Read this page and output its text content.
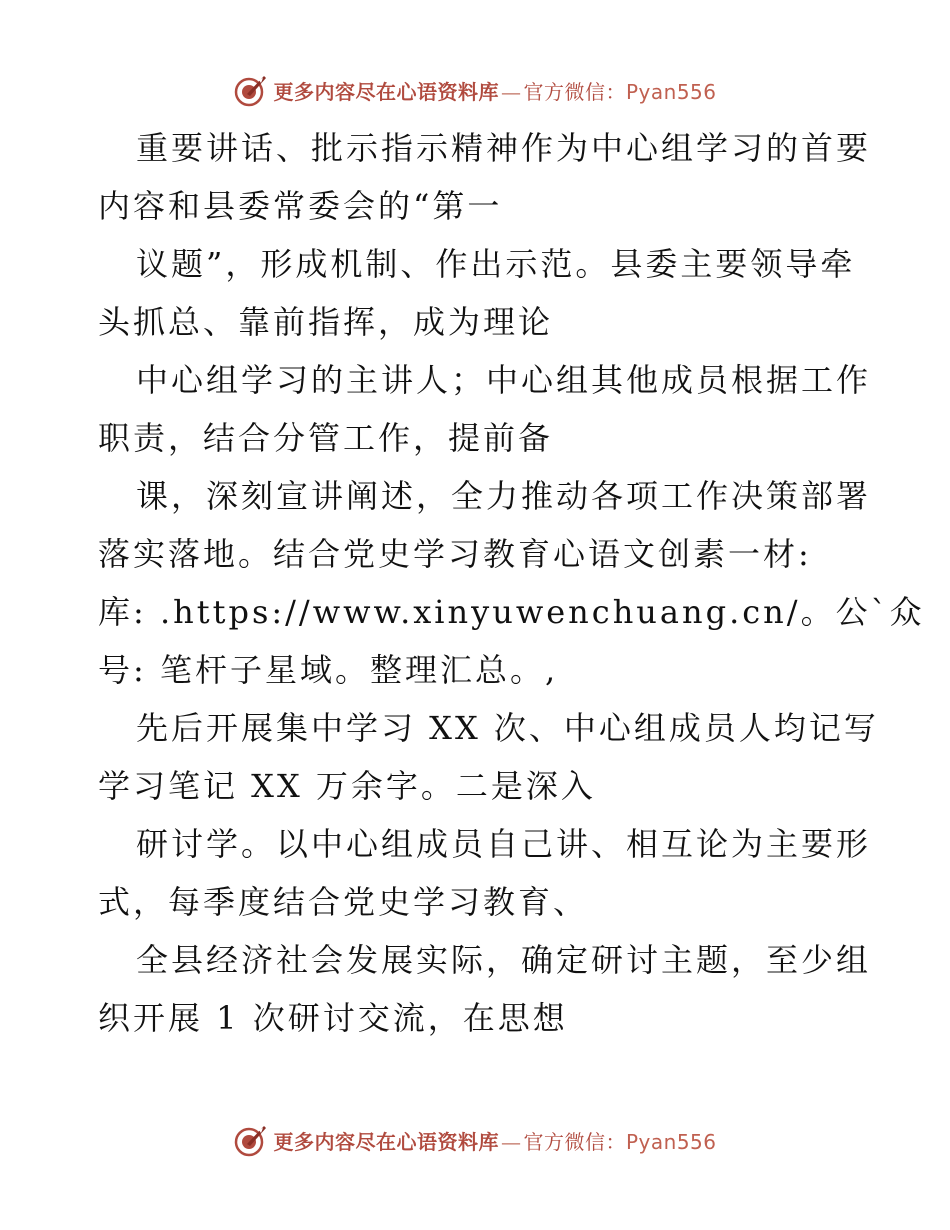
更多内容尽在心语资料库 — 官方微信：Pyan556
重要讲话、批示指示精神作为中心组学习的首要
内容和县委常委会的“第一
议题”，形成机制、作出示范。县委主要领导牵
头抓总、靠前指挥，成为理论
中心组学习的主讲人；中心组其他成员根据工作
职责，结合分管工作，提前备
课，深刻宣讲阐述，全力推动各项工作决策部署
落实落地。结合党史学习教育心语文创素一材:
库: .https://www.xinyuwenchuang.cn/。公`众
号: 笔杆子星域。整理汇总。,
先后开展集中学习 XX 次、中心组成员人均记写
学习笔记 XX 万余字。二是深入
研讨学。以中心组成员自己讲、相互论为主要形
式，每季度结合党史学习教育、
全县经济社会发展实际，确定研讨主题，至少组
织开展 1 次研讨交流，在思想
更多内容尽在心语资料库 — 官方微信：Pyan556
